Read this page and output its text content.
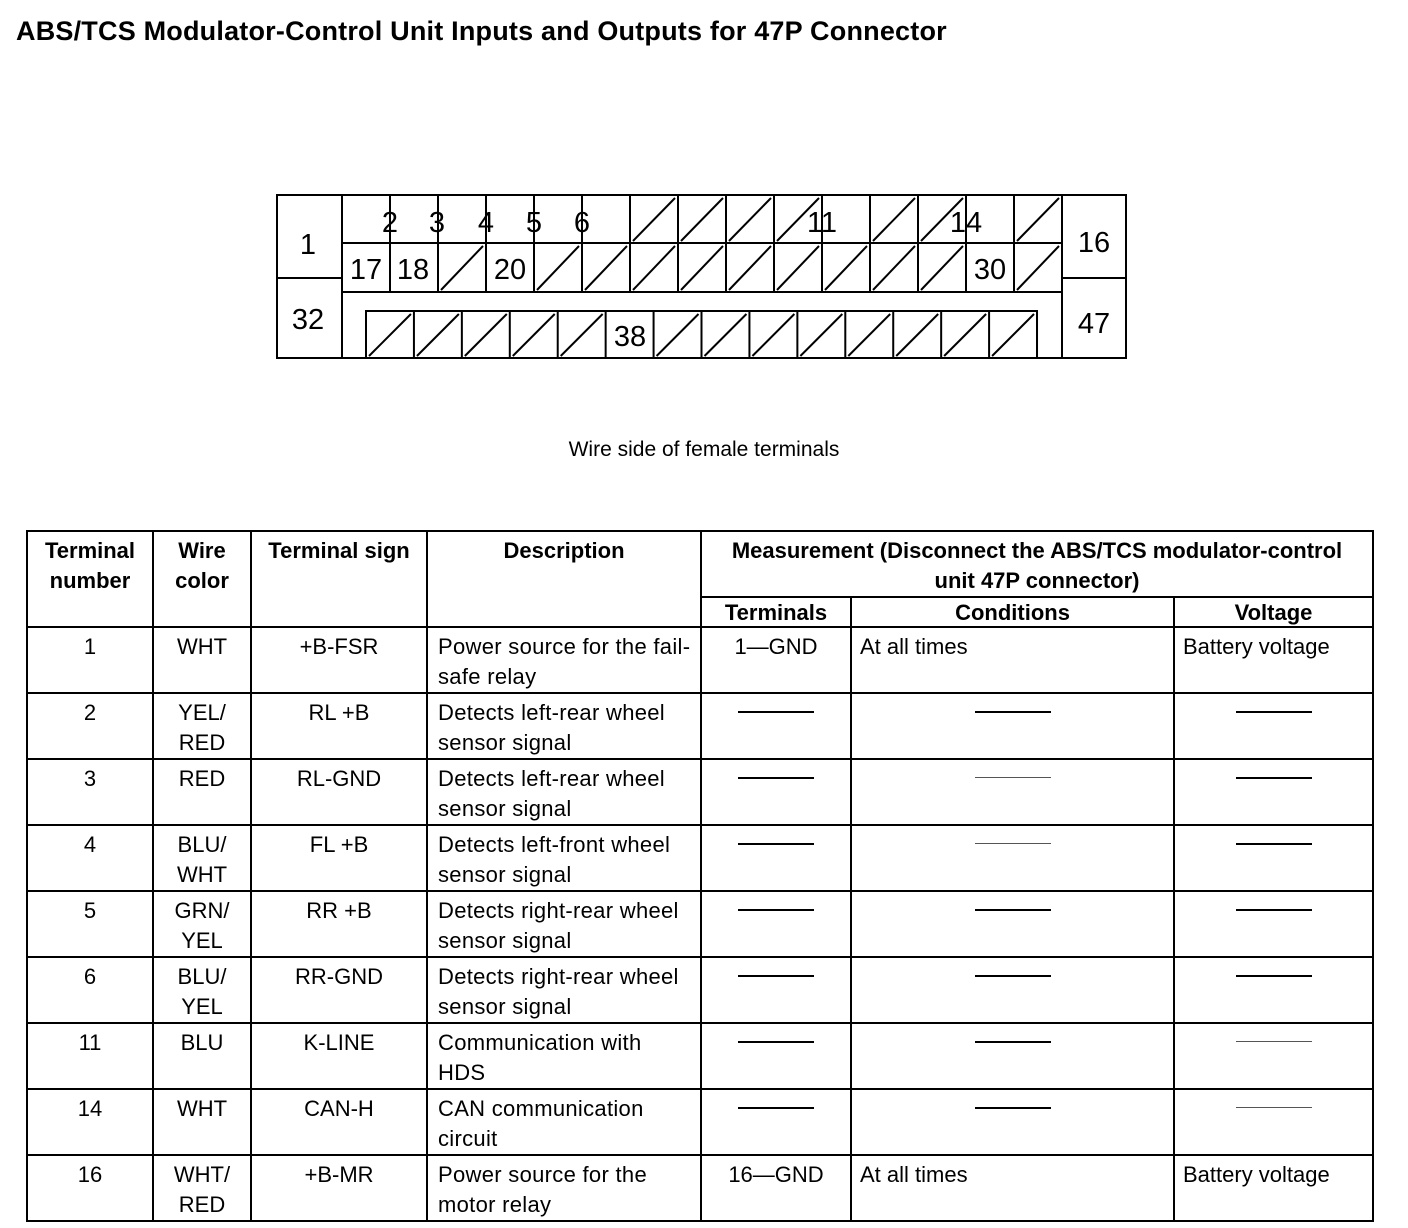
ABS/TCS Modulator-Control Unit Inputs and Outputs for 47P Connector
1
32
16
47
2 3 4 5 6	11	14
17 18 20	30
38
Wire side of female terminals
Terminal number	Wire color	Terminal sign	Description	Measurement (Disconnect the ABS/TCS modulator-control unit 47P connector)		
				Terminals	Conditions	Voltage
1	WHT	+B-FSR	Power source for the fail-safe relay	1—GND	At all times	Battery voltage
2	YEL/ RED	RL +B	Detects left-rear wheel sensor signal	

3	RED	RL-GND	Detects left-rear wheel sensor signal	

4	BLU/ WHT	FL +B	Detects left-front wheel sensor signal	

5	GRN/ YEL	RR +B	Detects right-rear wheel sensor signal	

6	BLU/ YEL	RR-GND	Detects right-rear wheel sensor signal	

11	BLU	K-LINE	Communication with HDS	

14	WHT	CAN-H	CAN communication circuit	

16	WHT/ RED	+B-MR	Power source for the motor relay	16—GND	At all times	Battery voltage
